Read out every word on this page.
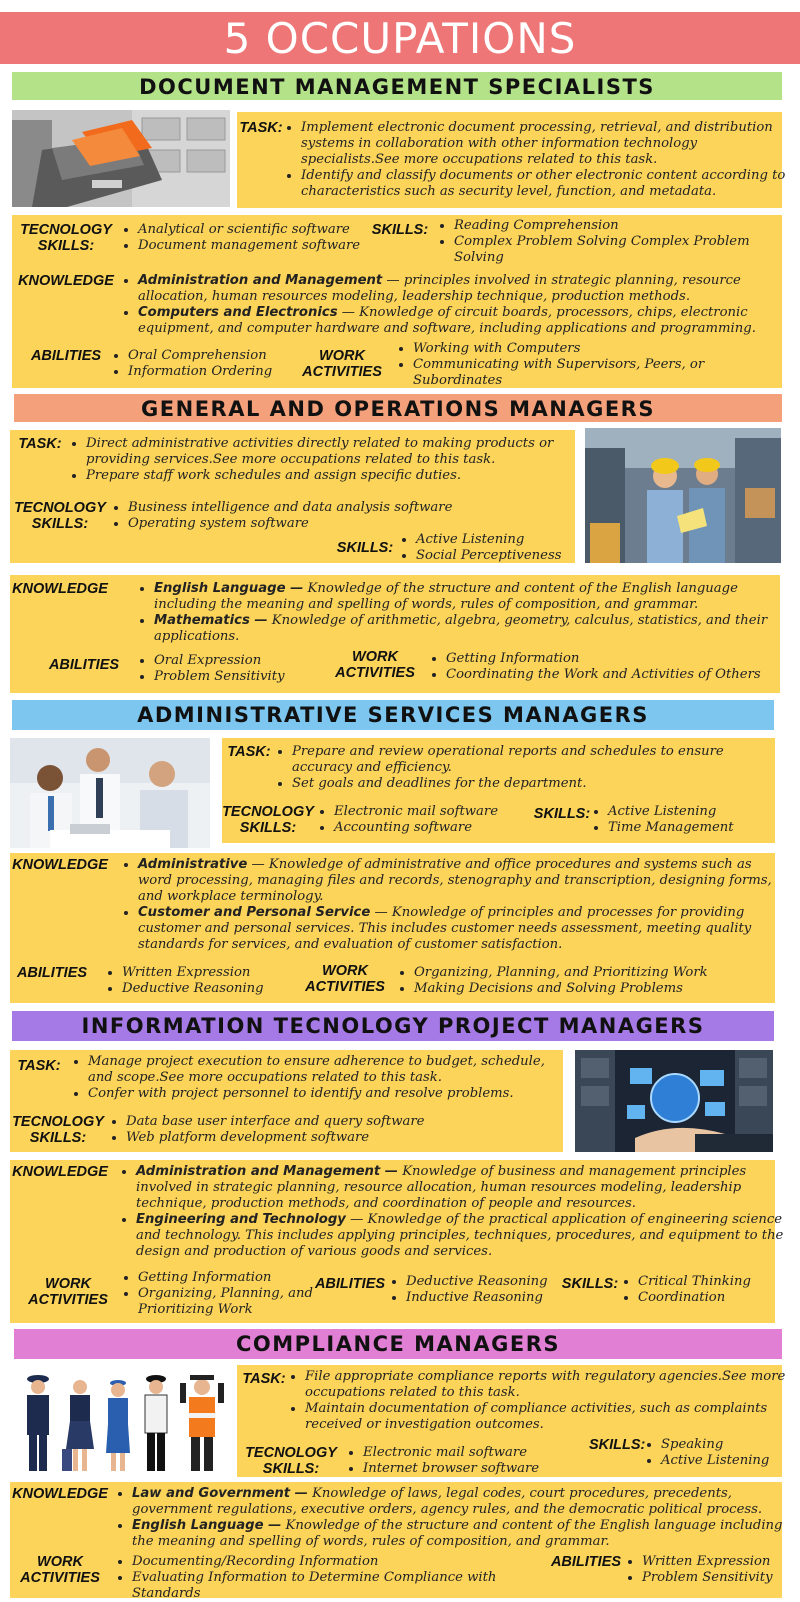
5 OCCUPATIONS
DOCUMENT MANAGEMENT SPECIALISTS
TASK: • Implement electronic document processing, retrieval, and distribution systems in collaboration with other information technology specialists.See more occupations related to this task.
• Identify and classify documents or other electronic content according to characteristics such as security level, function, and metadata.
TECNOLOGY SKILLS:
• Analytical or scientific software
• Document management software
SKILLS: • Reading Comprehension
• Complex Problem Solving Complex Problem Solving
KNOWLEDGE • Administration and Management — principles involved in strategic planning, resource allocation, human resources modeling, leadership technique, production methods.
• Computers and Electronics — Knowledge of circuit boards, processors, chips, electronic equipment, and computer hardware and software, including applications and programming.
ABILITIES	• Oral Comprehension
• Information Ordering
WORK ACTIVITIES
• Working with Computers
• Communicating with Supervisors, Peers, or Subordinates
GENERAL AND OPERATIONS MANAGERS
TASK:	• Direct administrative activities directly related to making products or providing services.See more occupations related to this task.
• Prepare staff work schedules and assign specific duties.
TECNOLOGY SKILLS:
• Business intelligence and data analysis software
• Operating system software
SKILLS:
• Active Listening
• Social Perceptiveness
KNOWLEDGE	• English Language — Knowledge of the structure and content of the English language including the meaning and spelling of words, rules of composition, and grammar.
• Mathematics — Knowledge of arithmetic, algebra, geometry, calculus, statistics, and their applications.
ABILITIES	• Oral Expression
• Problem Sensitivity
WORK ACTIVITIES
• Getting Information
• Coordinating the Work and Activities of Others
ADMINISTRATIVE SERVICES MANAGERS
TASK: • Prepare and review operational reports and schedules to ensure accuracy and efficiency.
• Set goals and deadlines for the department.
TECNOLOGY SKILLS:
• Electronic mail software
• Accounting software
SKILLS: • Active Listening
• Time Management
KNOWLEDGE • Administrative — Knowledge of administrative and office procedures and systems such as word processing, managing files and records, stenography and transcription, designing forms, and workplace terminology.
• Customer and Personal Service — Knowledge of principles and processes for providing customer and personal services. This includes customer needs assessment, meeting quality standards for services, and evaluation of customer satisfaction.
ABILITIES	• Written Expression
• Deductive Reasoning
WORK ACTIVITIES
• Organizing, Planning, and Prioritizing Work
• Making Decisions and Solving Problems
INFORMATION TECNOLOGY PROJECT MANAGERS
TASK:	• Manage project execution to ensure adherence to budget, schedule, and scope.See more occupations related to this task.
• Confer with project personnel to identify and resolve problems.
TECNOLOGY SKILLS:
• Data base user interface and query software
• Web platform development software
KNOWLEDGE • Administration and Management — Knowledge of business and management principles involved in strategic planning, resource allocation, human resources modeling, leadership technique, production methods, and coordination of people and resources.
• Engineering and Technology — Knowledge of the practical application of engineering science and technology. This includes applying principles, techniques, procedures, and equipment to the design and production of various goods and services.
WORK ACTIVITIES
• Getting Information
• Organizing, Planning, and Prioritizing Work
ABILITIES	• Deductive Reasoning
• Inductive Reasoning
SKILLS: • Critical Thinking
• Coordination
COMPLIANCE MANAGERS
TASK: • File appropriate compliance reports with regulatory agencies.See more occupations related to this task.
• Maintain documentation of compliance activities, such as complaints received or investigation outcomes.
TECNOLOGY SKILLS:
• Electronic mail software
• Internet browser software
SKILLS: • Speaking
• Active Listening
KNOWLEDGE • Law and Government — Knowledge of laws, legal codes, court procedures, precedents, government regulations, executive orders, agency rules, and the democratic political process.
• English Language — Knowledge of the structure and content of the English language including the meaning and spelling of words, rules of composition, and grammar.
WORK ACTIVITIES
• Documenting/Recording Information
• Evaluating Information to Determine Compliance with Standards
ABILITIES	• Written Expression
• Problem Sensitivity
